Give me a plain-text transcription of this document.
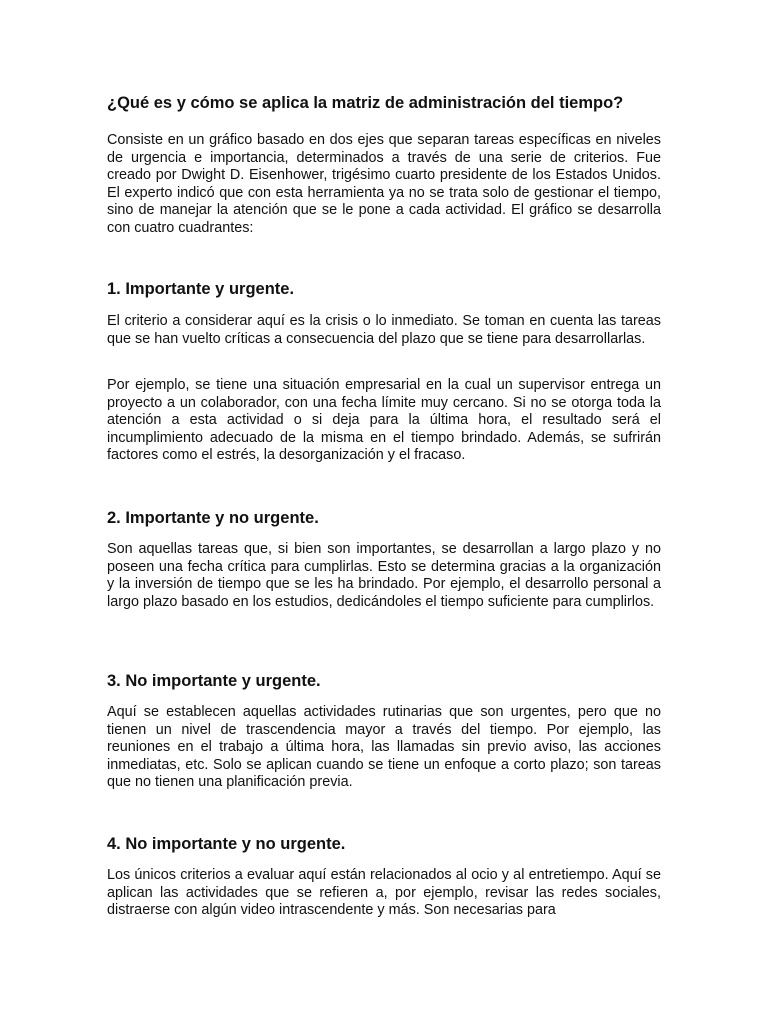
¿Qué es y cómo se aplica la matriz de administración del tiempo?

Consiste en un gráfico basado en dos ejes que separan tareas específicas en niveles de urgencia e importancia, determinados a través de una serie de criterios. Fue creado por Dwight D. Eisenhower, trigésimo cuarto presidente de los Estados Unidos. El experto indicó que con esta herramienta ya no se trata solo de gestionar el tiempo, sino de manejar la atención que se le pone a cada actividad. El gráfico se desarrolla con cuatro cuadrantes:

1. Importante y urgente.

El criterio a considerar aquí es la crisis o lo inmediato. Se toman en cuenta las tareas que se han vuelto críticas a consecuencia del plazo que se tiene para desarrollarlas.

Por ejemplo, se tiene una situación empresarial en la cual un supervisor entrega un proyecto a un colaborador, con una fecha límite muy cercano. Si no se otorga toda la atención a esta actividad o si deja para la última hora, el resultado será el incumplimiento adecuado de la misma en el tiempo brindado. Además, se sufrirán factores como el estrés, la desorganización y el fracaso.

2. Importante y no urgente.

Son aquellas tareas que, si bien son importantes, se desarrollan a largo plazo y no poseen una fecha crítica para cumplirlas. Esto se determina gracias a la organización y la inversión de tiempo que se les ha brindado. Por ejemplo, el desarrollo personal a largo plazo basado en los estudios, dedicándoles el tiempo suficiente para cumplirlos.

3. No importante y urgente.

Aquí se establecen aquellas actividades rutinarias que son urgentes, pero que no tienen un nivel de trascendencia mayor a través del tiempo. Por ejemplo, las reuniones en el trabajo a última hora, las llamadas sin previo aviso, las acciones inmediatas, etc. Solo se aplican cuando se tiene un enfoque a corto plazo; son tareas que no tienen una planificación previa.

4. No importante y no urgente.

Los únicos criterios a evaluar aquí están relacionados al ocio y al entretiempo. Aquí se aplican las actividades que se refieren a, por ejemplo, revisar las redes sociales, distraerse con algún video intrascendente y más. Son necesarias para
